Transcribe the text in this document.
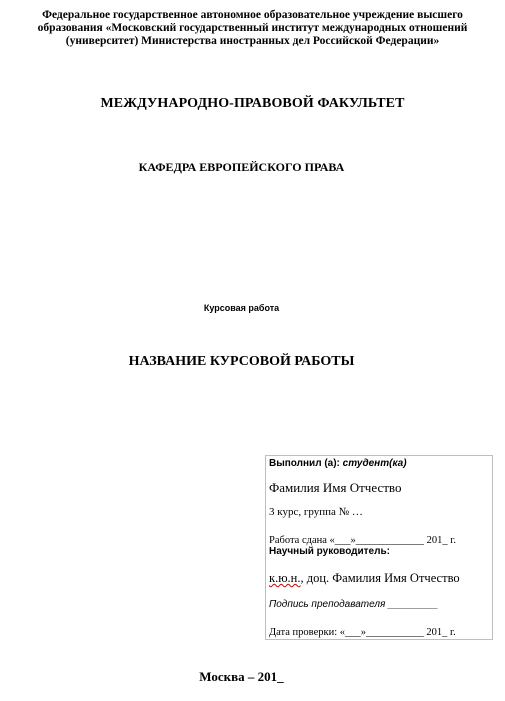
Федеральное государственное автономное образовательное учреждение высшего
образования «Московский государственный институт международных отношений
(университет) Министерства иностранных дел Российской Федерации»
МЕЖДУНАРОДНО-ПРАВОВОЙ ФАКУЛЬТЕТ
КАФЕДРА ЕВРОПЕЙСКОГО ПРАВА
Курсовая работа
НАЗВАНИЕ КУРСОВОЙ РАБОТЫ
Выполнил (а): студент(ка)
Фамилия Имя Отчество
3 курс, группа № …
Работа сдана «___»_____________ 201_ г.
Научный руководитель:
к.ю.н., доц. Фамилия Имя Отчество
Подпись преподавателя _________
Дата проверки: «___»___________ 201_ г.
Москва – 201_
